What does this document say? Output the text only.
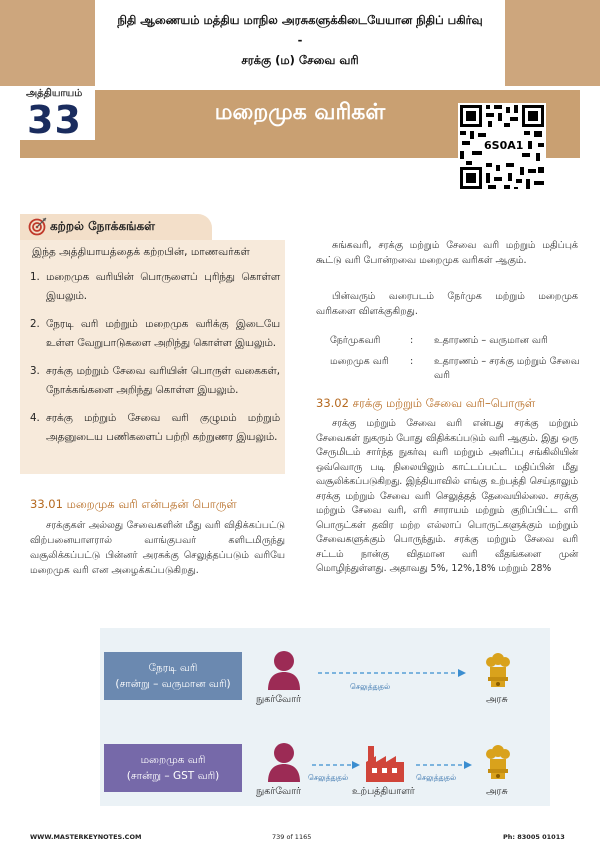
நிதி ஆணையம் மத்திய மாநில அரசுகளுக்கிடையேயான நிதிப் பகிர்வு
-
சரக்கு (ம) சேவை வரி
அத்தியாயம்
33	மறைமுக வரிகள்
6S0A1
கற்றல் நோக்கங்கள்
இந்த அத்தியாயத்தைக் கற்றபின், மாணவர்கள்
1. மறைமுக வரியின் பொருளைப் புரிந்து கொள்ள இயலும்.
2. நேரடி வரி மற்றும் மறைமுக வரிக்கு இடையே உள்ள வேறுபாடுகளை அறிந்து கொள்ள இயலும்.
3. சரக்கு மற்றும் சேவை வரியின் பொருள் வகைகள், நோக்கங்களை அறிந்து கொள்ள இயலும்.
4. சரக்கு மற்றும் சேவை வரி குழுமம் மற்றும் அதனுடைய பணிகளைப் பற்றி கற்றுணர இயலும்.
33.01 மறைமுக வரி என்பதன் பொருள்
சரக்குகள் அல்லது சேவைகளின் மீது வரி விதிக்கப்பட்டு விற்பனையாளரால் வாங்குபவர் களிடமிருந்து வசூலிக்கப்பட்டு பின்னர் அரசுக்கு செலுத்தப்படும் வரியே மறைமுக வரி என அழைக்கப்படுகிறது.
சுங்கவரி, சரக்கு மற்றும் சேவை வரி மற்றும் மதிப்புக் கூட்டு வரி போன்றவை மறைமுக வரிகள் ஆகும்.
பின்வரும் வரைபடம் நேர்முக மற்றும் மறைமுக வரிகளை விளக்குகிறது.
நேர்முகவரி	:	உதாரணம் – வருமான வரி
மறைமுக வரி	:	உதாரணம் – சரக்கு மற்றும் சேவை வரி
33.02 சரக்கு மற்றும் சேவை வரி–பொருள்
சரக்கு மற்றும் சேவை வரி என்பது சரக்கு மற்றும் சேவைகள் நுகரும் போது விதிக்கப்படும் வரி ஆகும். இது ஒரு சேருமிடம் சார்ந்த நுகர்வு வரி மற்றும் அளிப்பு சங்கிலியின் ஒவ்வொரு படி நிலையிலும் காட்டப்பட்ட மதிப்பின் மீது வசூலிக்கப்படுகிறது. இந்தியாவில் எங்கு உற்பத்தி செய்தாலும் சரக்கு மற்றும் சேவை வரி செலுத்தத் தேவையில்லை. சரக்கு மற்றும் சேவை வரி, எரி சாராயம் மற்றும் குறிப்பிட்ட எரி பொருட்கள் தவிர மற்ற எல்லாப் பொருட்களுக்கும் மற்றும் சேவைகளுக்கும் பொருந்தும். சரக்கு மற்றும் சேவை வரி சட்டம் நான்கு விதமான வரி வீதங்களை முன் மொழிந்துள்ளது. அதாவது 5%, 12%,18% மற்றும் 28%
நேரடி வரி
(சான்று – வருமான வரி)
நுகர்வோர்
செலுத்துதல்
அரசு
மறைமுக வரி
(சான்று – GST வரி)
நுகர்வோர்
செலுத்துதல்
உற்பத்தியாளர்
செலுத்துதல்
அரசு
WWW.MASTERKEYNOTES.COM	739 of 1165	Ph: 83005 01013
